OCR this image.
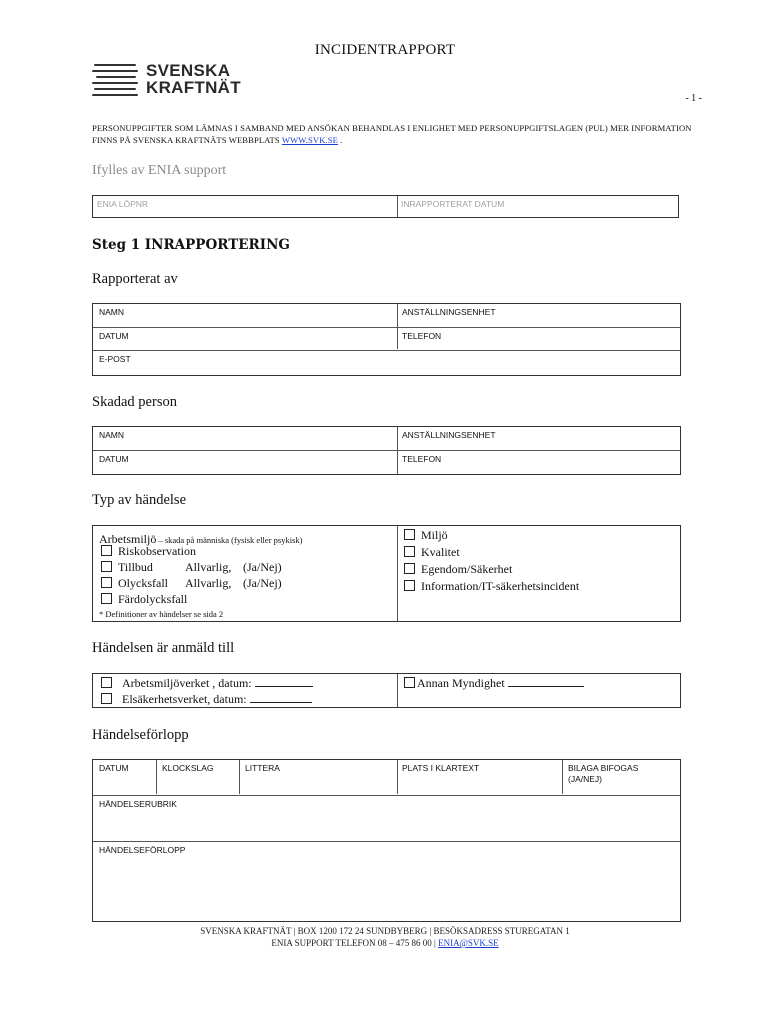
INCIDENTRAPPORT
SVENSKA
KRAFTNÄT
- 1 -
PERSONUPPGIFTER SOM LÄMNAS I SAMBAND MED ANSÖKAN BEHANDLAS I ENLIGHET MED PERSONUPPGIFTSLAGEN (PUL) MER INFORMATION FINNS PÅ SVENSKA KRAFTNÄTS WEBBPLATS WWW.SVK.SE .
Ifylles av ENIA support
ENIA LÖPNR	INRAPPORTERAT DATUM
Steg 1 INRAPPORTERING
Rapporterat av
NAMN	ANSTÄLLNINGSENHET
DATUM	TELEFON
E-POST
Skadad person
NAMN	ANSTÄLLNINGSENHET
DATUM	TELEFON
Typ av händelse
Arbetsmiljö – skada på människa (fysisk eller psykisk)
Riskobservation
Tillbud	Allvarlig, (Ja/Nej)
Olycksfall Allvarlig, (Ja/Nej)
Färdolycksfall
* Definitioner av händelser se sida 2
Miljö
Kvalitet
Egendom/Säkerhet
Information/IT-säkerhetsincident
Händelsen är anmäld till
Arbetsmiljöverket , datum:
Elsäkerhetsverket, datum:
Annan Myndighet
Händelseförlopp
DATUM	KLOCKSLAG	LITTERA	PLATS I KLARTEXT	BILAGA BIFOGAS
(JA/NEJ)
HÄNDELSERUBRIK
HÄNDELSEFÖRLOPP
SVENSKA KRAFTNÄT | BOX 1200 172 24 SUNDBYBERG | BESÖKSADRESS STUREGATAN 1
ENIA SUPPORT TELEFON 08 – 475 86 00 | ENIA@SVK.SE
